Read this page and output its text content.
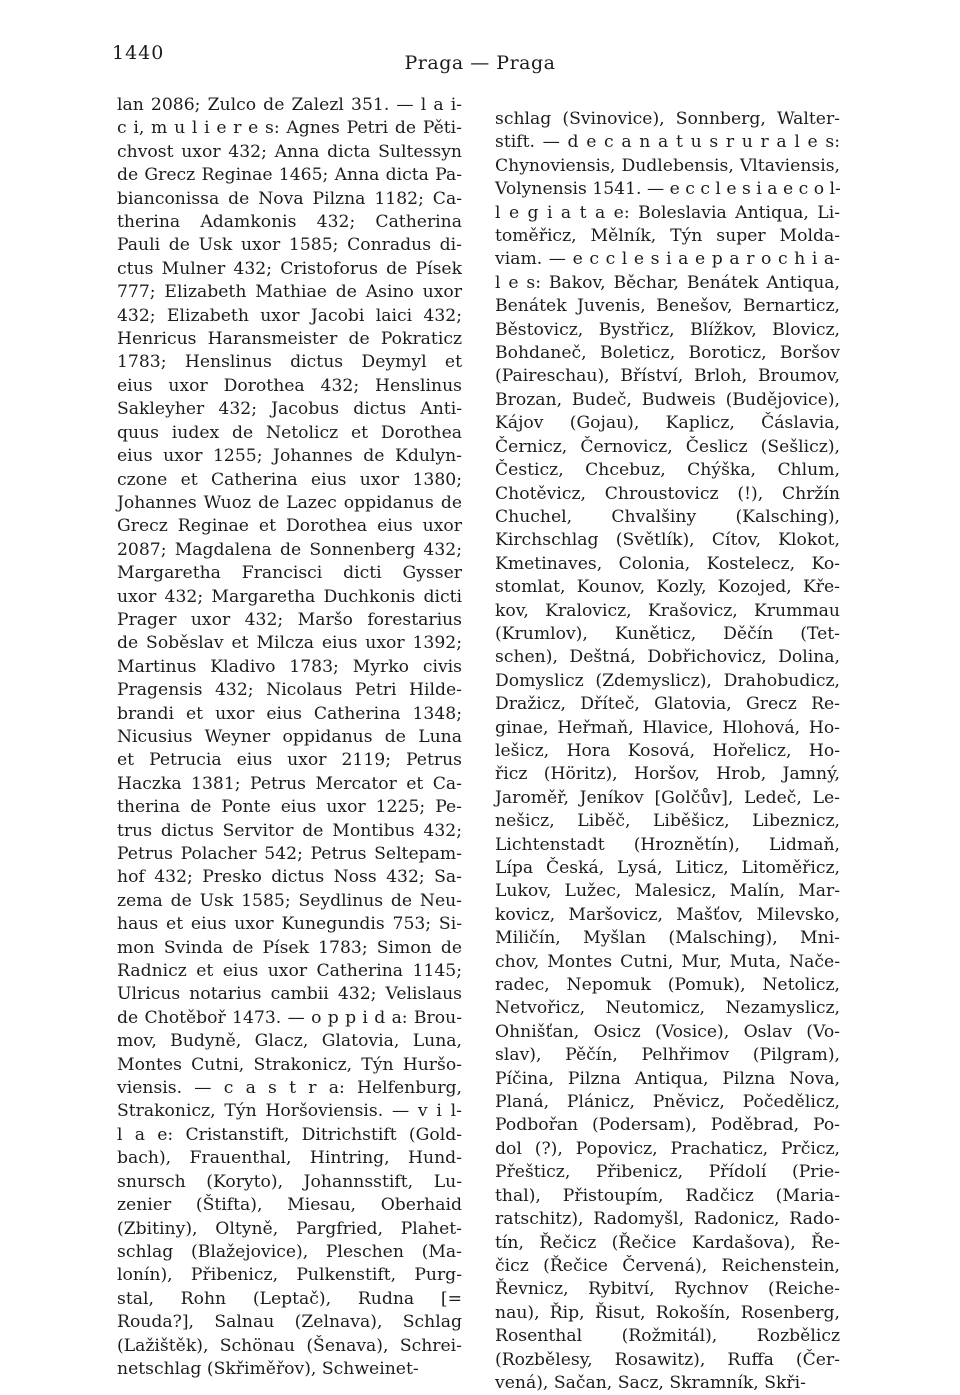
1440	Praga — Praga
lan 2086; Zulco de Zalezl 351. — l a i-
c i, m u l i e r e s: Agnes Petri de Pěti-
chvost uxor 432; Anna dicta Sultessyn
de Grecz Reginae 1465; Anna dicta Pa-
bianconissa de Nova Pilzna 1182; Ca-
therina Adamkonis 432; Catherina
Pauli de Usk uxor 1585; Conradus di-
ctus Mulner 432; Cristoforus de Písek
777; Elizabeth Mathiae de Asino uxor
432; Elizabeth uxor Jacobi laici 432;
Henricus Haransmeister de Pokraticz
1783; Henslinus dictus Deymyl et
eius uxor Dorothea 432; Henslinus
Sakleyher 432; Jacobus dictus Anti-
quus iudex de Netolicz et Dorothea
eius uxor 1255; Johannes de Kdulyn-
czone et Catherina eius uxor 1380;
Johannes Wuoz de Lazec oppidanus de
Grecz Reginae et Dorothea eius uxor
2087; Magdalena de Sonnenberg 432;
Margaretha Francisci dicti Gysser
uxor 432; Margaretha Duchkonis dicti
Prager uxor 432; Maršo forestarius
de Soběslav et Milcza eius uxor 1392;
Martinus Kladivo 1783; Myrko civis
Pragensis 432; Nicolaus Petri Hilde-
brandi et uxor eius Catherina 1348;
Nicusius Weyner oppidanus de Luna
et Petrucia eius uxor 2119; Petrus
Haczka 1381; Petrus Mercator et Ca-
therina de Ponte eius uxor 1225; Pe-
trus dictus Servitor de Montibus 432;
Petrus Polacher 542; Petrus Seltepam-
hof 432; Presko dictus Noss 432; Sa-
zema de Usk 1585; Seydlinus de Neu-
haus et eius uxor Kunegundis 753; Si-
mon Svinda de Písek 1783; Simon de
Radnicz et eius uxor Catherina 1145;
Ulricus notarius cambii 432; Velislaus
de Chotěboř 1473. — o p p i d a: Brou-
mov, Budyně, Glacz, Glatovia, Luna,
Montes Cutni, Strakonicz, Týn Huršo-
viensis. — c a s t r a: Helfenburg,
Strakonicz, Týn Horšoviensis. — v i l-
l a e: Cristanstift, Ditrichstift (Gold-
bach), Frauenthal, Hintring, Hund-
snursch (Koryto), Johannsstift, Lu-
zenier (Štifta), Miesau, Oberhaid
(Zbitiny), Oltyně, Pargfried, Plahet-
schlag (Blažejovice), Pleschen (Ma-
lonín), Přibenicz, Pulkenstift, Purg-
stal, Rohn (Leptač), Rudna [=
Rouda?], Salnau (Zelnava), Schlag
(Lažištěk), Schönau (Šenava), Schrei-
netschlag (Skřiměřov), Schweinet-
schlag (Svinovice), Sonnberg, Walter-
stift. — d e c a n a t u s r u r a l e s:
Chynoviensis, Dudlebensis, Vltaviensis,
Volynensis 1541. — e c c l e s i a e c o l-
l e g i a t a e: Boleslavia Antiqua, Li-
toměřicz, Mělník, Týn super Molda-
viam. — e c c l e s i a e p a r o c h i a-
l e s: Bakov, Běchar, Benátek Antiqua,
Benátek Juvenis, Benešov, Bernarticz,
Běstovicz, Bystřicz, Blížkov, Blovicz,
Bohdaneč, Boleticz, Boroticz, Boršov
(Paireschau), Bříství, Brloh, Broumov,
Brozan, Budeč, Budweis (Budějovice),
Kájov (Gojau), Kaplicz, Čáslavia,
Černicz, Černovicz, Česlicz (Sešlicz),
Česticz, Chcebuz, Chýška, Chlum,
Chotěvicz, Chroustovicz (!), Chržín
Chuchel, Chvalšiny (Kalsching),
Kirchschlag (Světlík), Cítov, Klokot,
Kmetinaves, Colonia, Kostelecz, Ko-
stomlat, Kounov, Kozly, Kozojed, Kře-
kov, Kralovicz, Krašovicz, Krummau
(Krumlov), Kuněticz, Děčín (Tet-
schen), Deštná, Dobřichovicz, Dolina,
Domyslicz (Zdemyslicz), Drahobudicz,
Dražicz, Dříteč, Glatovia, Grecz Re-
ginae, Heřmaň, Hlavice, Hlohová, Ho-
lešicz, Hora Kosová, Hořelicz, Ho-
řicz (Höritz), Horšov, Hrob, Jamný,
Jaroměř, Jeníkov [Golčův], Ledeč, Le-
nešicz, Liběč, Liběšicz, Libeznicz,
Lichtenstadt (Hroznětín), Lidmaň,
Lípa Česká, Lysá, Liticz, Litoměřicz,
Lukov, Lužec, Malesicz, Malín, Mar-
kovicz, Maršovicz, Mašťov, Milevsko,
Miličín, Myšlan (Malsching), Mni-
chov, Montes Cutni, Mur, Muta, Nače-
radec, Nepomuk (Pomuk), Netolicz,
Netvořicz, Neutomicz, Nezamyslicz,
Ohnišťan, Osicz (Vosice), Oslav (Vo-
slav), Pěčín, Pelhřimov (Pilgram),
Píčina, Pilzna Antiqua, Pilzna Nova,
Planá, Plánicz, Pněvicz, Počedělicz,
Podbořan (Podersam), Poděbrad, Po-
dol (?), Popovicz, Prachaticz, Prčicz,
Přešticz, Přibenicz, Přídolí (Prie-
thal), Přistoupím, Radčicz (Maria-
ratschitz), Radomyšl, Radonicz, Rado-
tín, Řečicz (Řečice Kardašova), Ře-
čicz (Řečice Červená), Reichenstein,
Řevnicz, Rybitví, Rychnov (Reiche-
nau), Řip, Řisut, Rokošín, Rosenberg,
Rosenthal (Rožmitál), Rozbělicz
(Rozbělesy, Rosawitz), Ruffa (Čer-
vená), Sačan, Sacz, Skramník, Skři-
